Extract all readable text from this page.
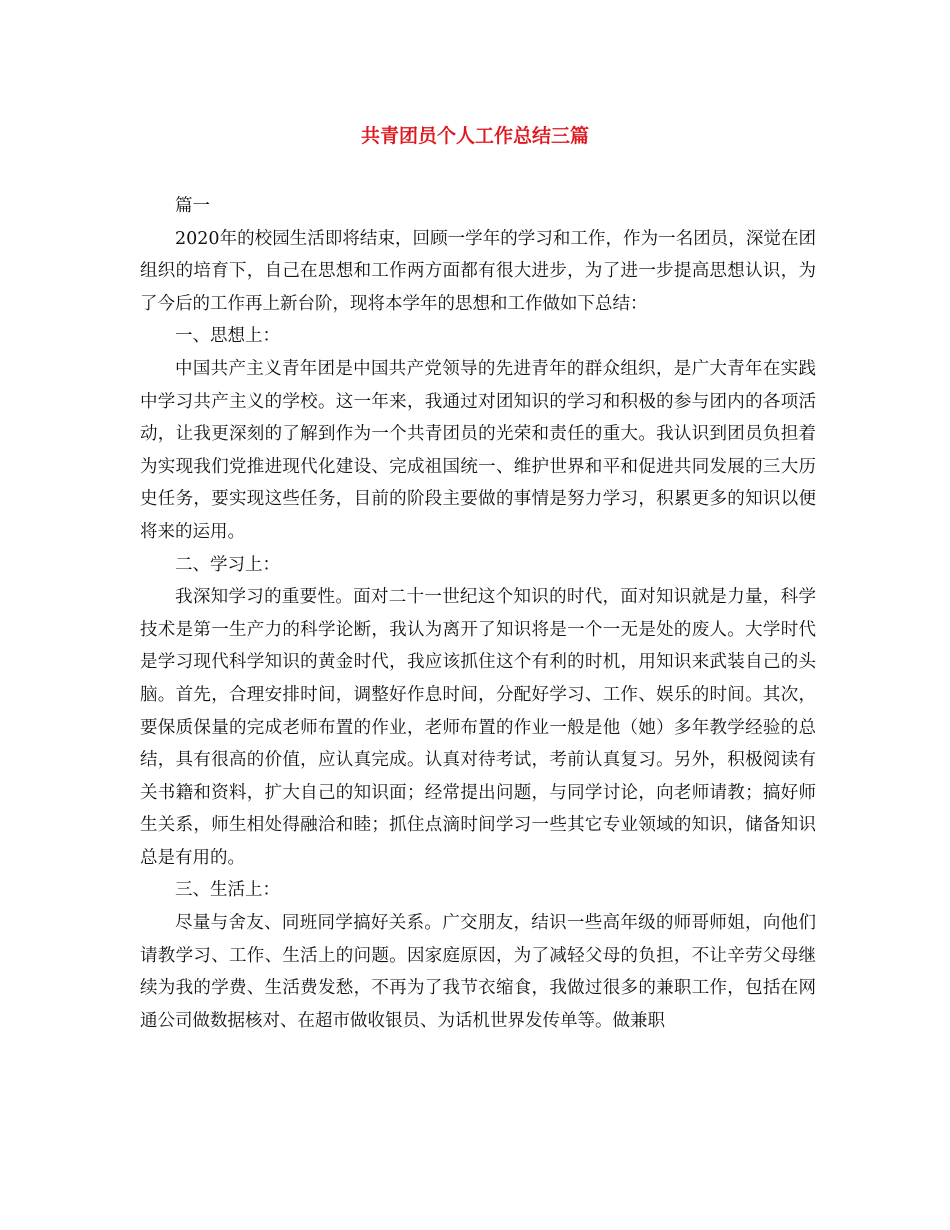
共青团员个人工作总结三篇

篇一

2020年的校园生活即将结束，回顾一学年的学习和工作，作为一名团员，深觉在团组织的培育下，自己在思想和工作两方面都有很大进步，为了进一步提高思想认识，为了今后的工作再上新台阶，现将本学年的思想和工作做如下总结：

一、思想上：

中国共产主义青年团是中国共产党领导的先进青年的群众组织，是广大青年在实践中学习共产主义的学校。这一年来，我通过对团知识的学习和积极的参与团内的各项活动，让我更深刻的了解到作为一个共青团员的光荣和责任的重大。我认识到团员负担着为实现我们党推进现代化建设、完成祖国统一、维护世界和平和促进共同发展的三大历史任务，要实现这些任务，目前的阶段主要做的事情是努力学习，积累更多的知识以便将来的运用。

二、学习上：

我深知学习的重要性。面对二十一世纪这个知识的时代，面对知识就是力量，科学技术是第一生产力的科学论断，我认为离开了知识将是一个一无是处的废人。大学时代是学习现代科学知识的黄金时代，我应该抓住这个有利的时机，用知识来武装自己的头脑。首先，合理安排时间，调整好作息时间，分配好学习、工作、娱乐的时间。其次，要保质保量的完成老师布置的作业，老师布置的作业一般是他（她）多年教学经验的总结，具有很高的价值，应认真完成。认真对待考试，考前认真复习。另外，积极阅读有关书籍和资料，扩大自己的知识面；经常提出问题，与同学讨论，向老师请教；搞好师生关系，师生相处得融洽和睦；抓住点滴时间学习一些其它专业领域的知识，储备知识总是有用的。

三、生活上：

尽量与舍友、同班同学搞好关系。广交朋友，结识一些高年级的师哥师姐，向他们请教学习、工作、生活上的问题。因家庭原因，为了减轻父母的负担，不让辛劳父母继续为我的学费、生活费发愁，不再为了我节衣缩食，我做过很多的兼职工作，包括在网通公司做数据核对、在超市做收银员、为话机世界发传单等。做兼职
